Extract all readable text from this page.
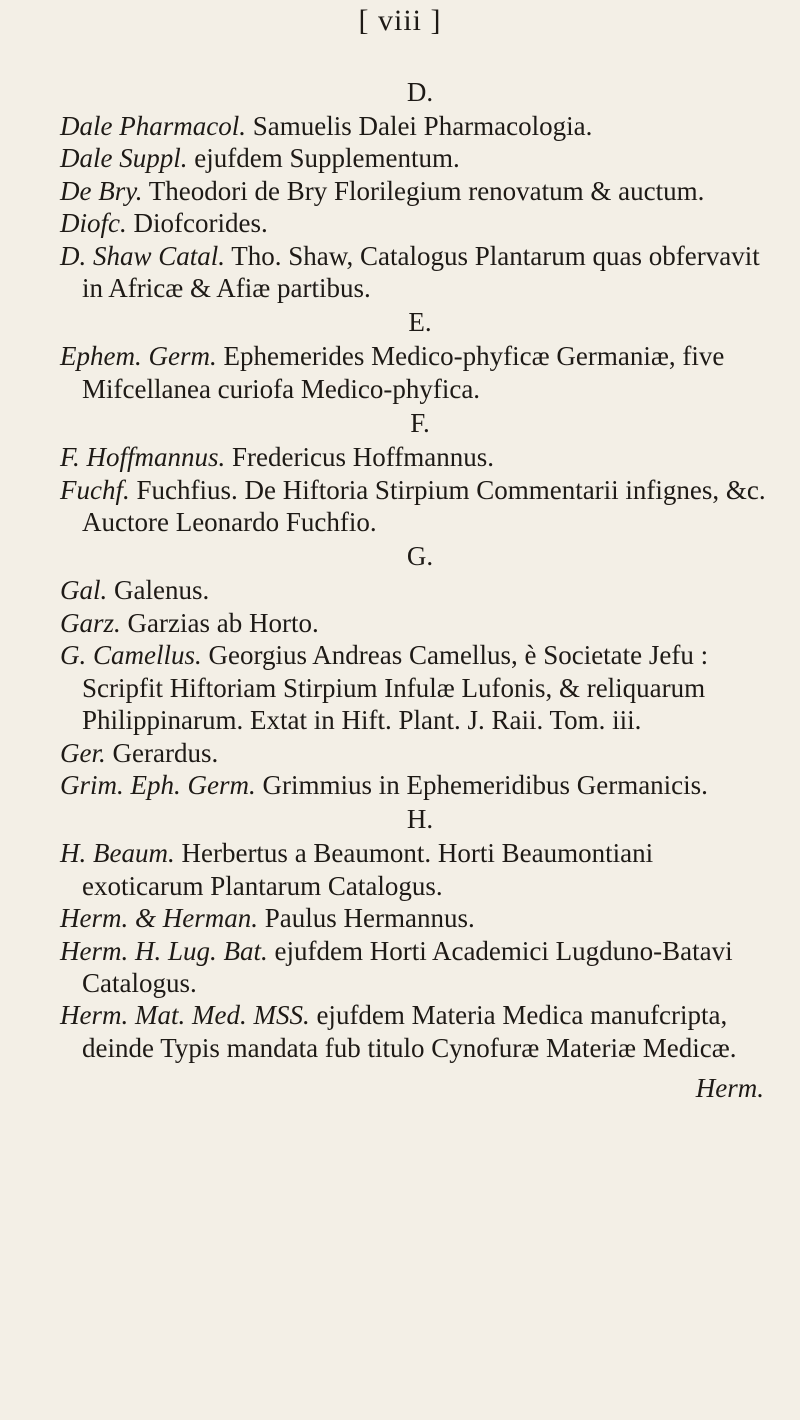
[ viii ]

D.

Dale Pharmacol. Samuelis Dalei Pharmacologia.

Dale Suppl. ejufdem Supplementum.

De Bry. Theodori de Bry Florilegium renovatum & auctum.

Diofc. Diofcorides.

D. Shaw Catal. Tho. Shaw, Catalogus Plantarum quas obfervavit in Africæ & Afiæ partibus.

E.

Ephem. Germ. Ephemerides Medico-phyficæ Germaniæ, five Mifcellanea curiofa Medico-phyfica.

F.

F. Hoffmannus. Fredericus Hoffmannus.

Fuchf. Fuchfius. De Hiftoria Stirpium Commentarii infignes, &c. Auctore Leonardo Fuchfio.

G.

Gal. Galenus.

Garz. Garzias ab Horto.

G. Camellus. Georgius Andreas Camellus, è Societate Jefu : Scripfit Hiftoriam Stirpium Infulæ Lufonis, & reliquarum Philippinarum. Extat in Hift. Plant. J. Raii. Tom. iii.

Ger. Gerardus.

Grim. Eph. Germ. Grimmius in Ephemeridibus Germanicis.

H.

H. Beaum. Herbertus a Beaumont. Horti Beaumontiani exoticarum Plantarum Catalogus.

Herm. & Herman. Paulus Hermannus.

Herm. H. Lug. Bat. ejufdem Horti Academici Lugduno-Batavi Catalogus.

Herm. Mat. Med. MSS. ejufdem Materia Medica manufcripta, deinde Typis mandata fub titulo Cynofuræ Materiæ Medicæ.

Herm.
